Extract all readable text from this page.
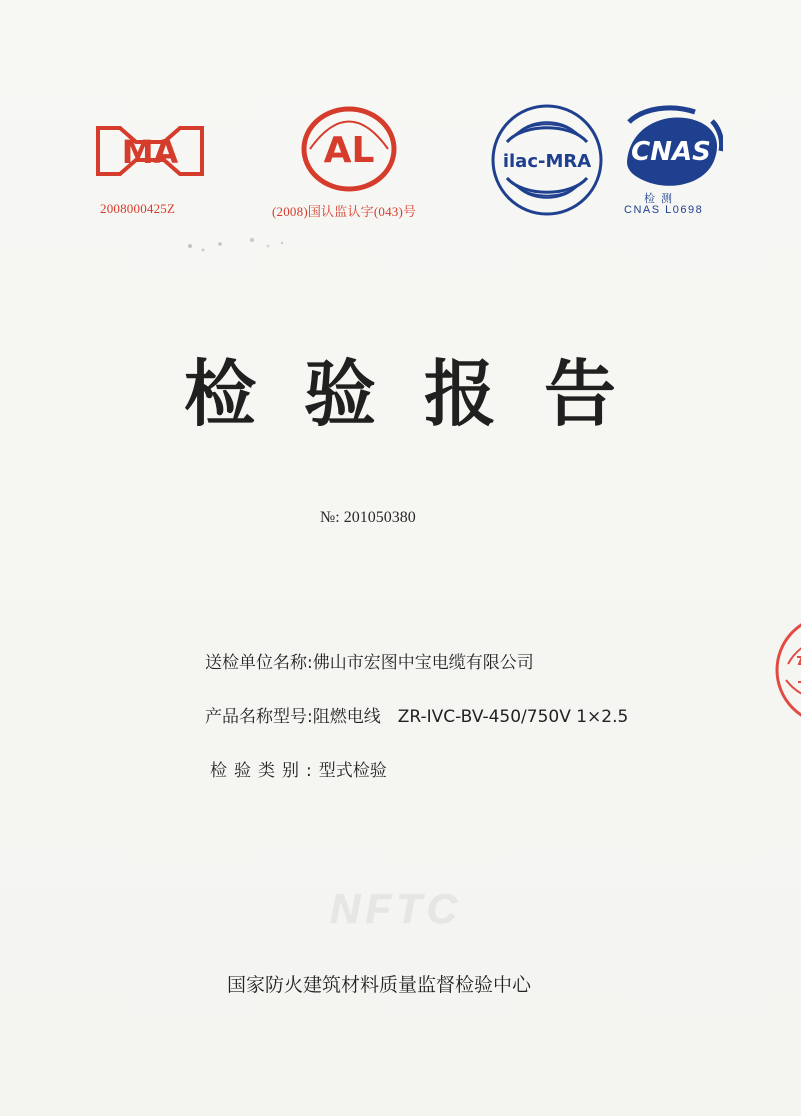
MA
2008000425Z
AL
(2008)国认监认字(043)号
ilac-MRA CNAS
检 测
CNAS L0698
检 验 报 告
№: 201050380
送检单位名称:佛山市宏图中宝电缆有限公司
产品名称型号:阻燃电线　ZR-IVC-BV-450/750V 1×2.5
检验类别:型式检验
NFTC
国家防火建筑材料质量监督检验中心
